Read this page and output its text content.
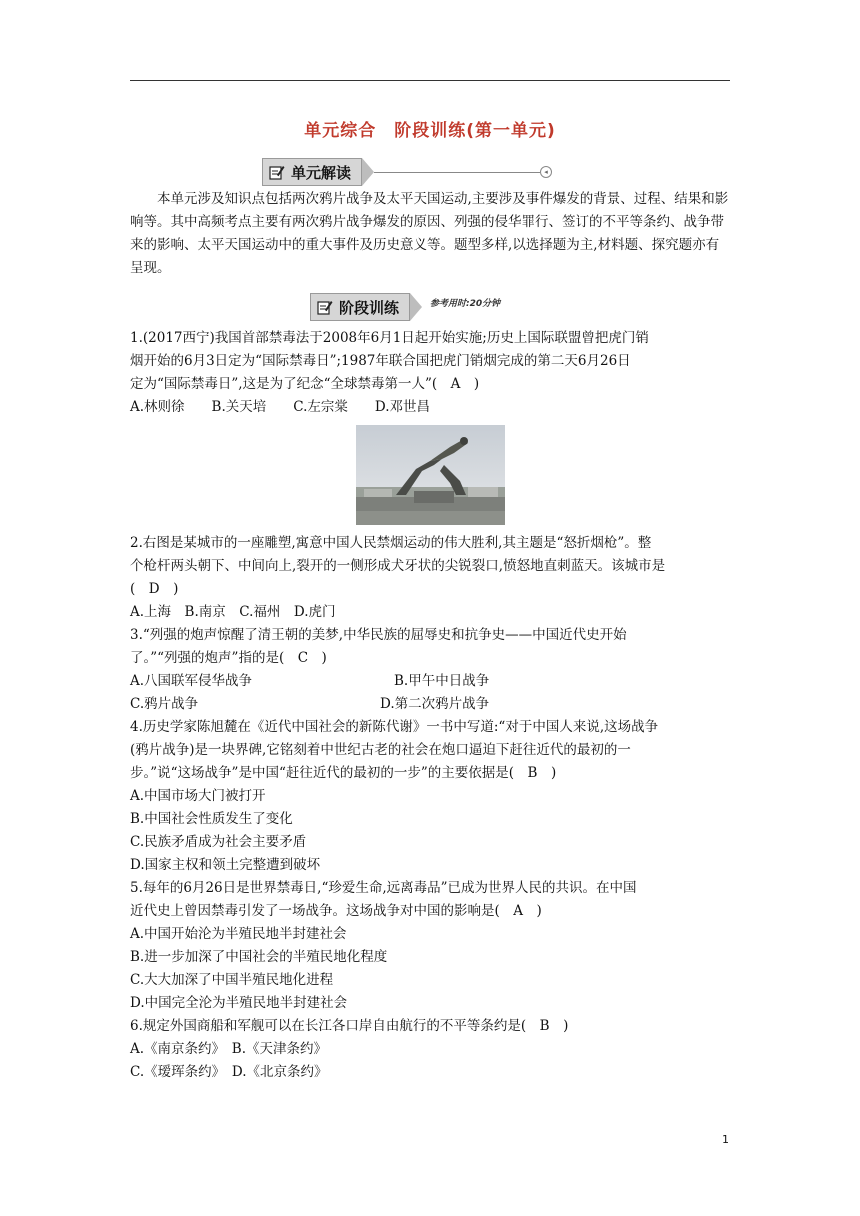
单元综合　阶段训练(第一单元)
单元解读	◂
本单元涉及知识点包括两次鸦片战争及太平天国运动,主要涉及事件爆发的背景、过程、结果和影响等。其中高频考点主要有两次鸦片战争爆发的原因、列强的侵华罪行、签订的不平等条约、战争带来的影响、太平天国运动中的重大事件及历史意义等。题型多样,以选择题为主,材料题、探究题亦有呈现。
阶段训练	参考用时:20分钟
1.(2017西宁)我国首部禁毒法于2008年6月1日起开始实施;历史上国际联盟曾把虎门销
烟开始的6月3日定为“国际禁毒日”;1987年联合国把虎门销烟完成的第二天6月26日
定为“国际禁毒日”,这是为了纪念“全球禁毒第一人”(　A　)
A.林则徐　　B.关天培　　C.左宗棠　　D.邓世昌
2.右图是某城市的一座雕塑,寓意中国人民禁烟运动的伟大胜利,其主题是“怒折烟枪”。整
个枪杆两头朝下、中间向上,裂开的一侧形成犬牙状的尖锐裂口,愤怒地直刺蓝天。该城市是
(　D　)
A.上海　B.南京　C.福州　D.虎门
3.“列强的炮声惊醒了清王朝的美梦,中华民族的屈辱史和抗争史——中国近代史开始
了。”“列强的炮声”指的是(　C　)
A.八国联军侵华战争	B.甲午中日战争
C.鸦片战争	D.第二次鸦片战争
4.历史学家陈旭麓在《近代中国社会的新陈代谢》一书中写道:“对于中国人来说,这场战争
(鸦片战争)是一块界碑,它铭刻着中世纪古老的社会在炮口逼迫下赶往近代的最初的一
步。”说“这场战争”是中国“赶往近代的最初的一步”的主要依据是(　B　)
A.中国市场大门被打开
B.中国社会性质发生了变化
C.民族矛盾成为社会主要矛盾
D.国家主权和领土完整遭到破坏
5.每年的6月26日是世界禁毒日,“珍爱生命,远离毒品”已成为世界人民的共识。在中国
近代史上曾因禁毒引发了一场战争。这场战争对中国的影响是(　A　)
A.中国开始沦为半殖民地半封建社会
B.进一步加深了中国社会的半殖民地化程度
C.大大加深了中国半殖民地化进程
D.中国完全沦为半殖民地半封建社会
6.规定外国商船和军舰可以在长江各口岸自由航行的不平等条约是(　B　)
A.《南京条约》　B.《天津条约》
C.《瑷珲条约》　D.《北京条约》
1
